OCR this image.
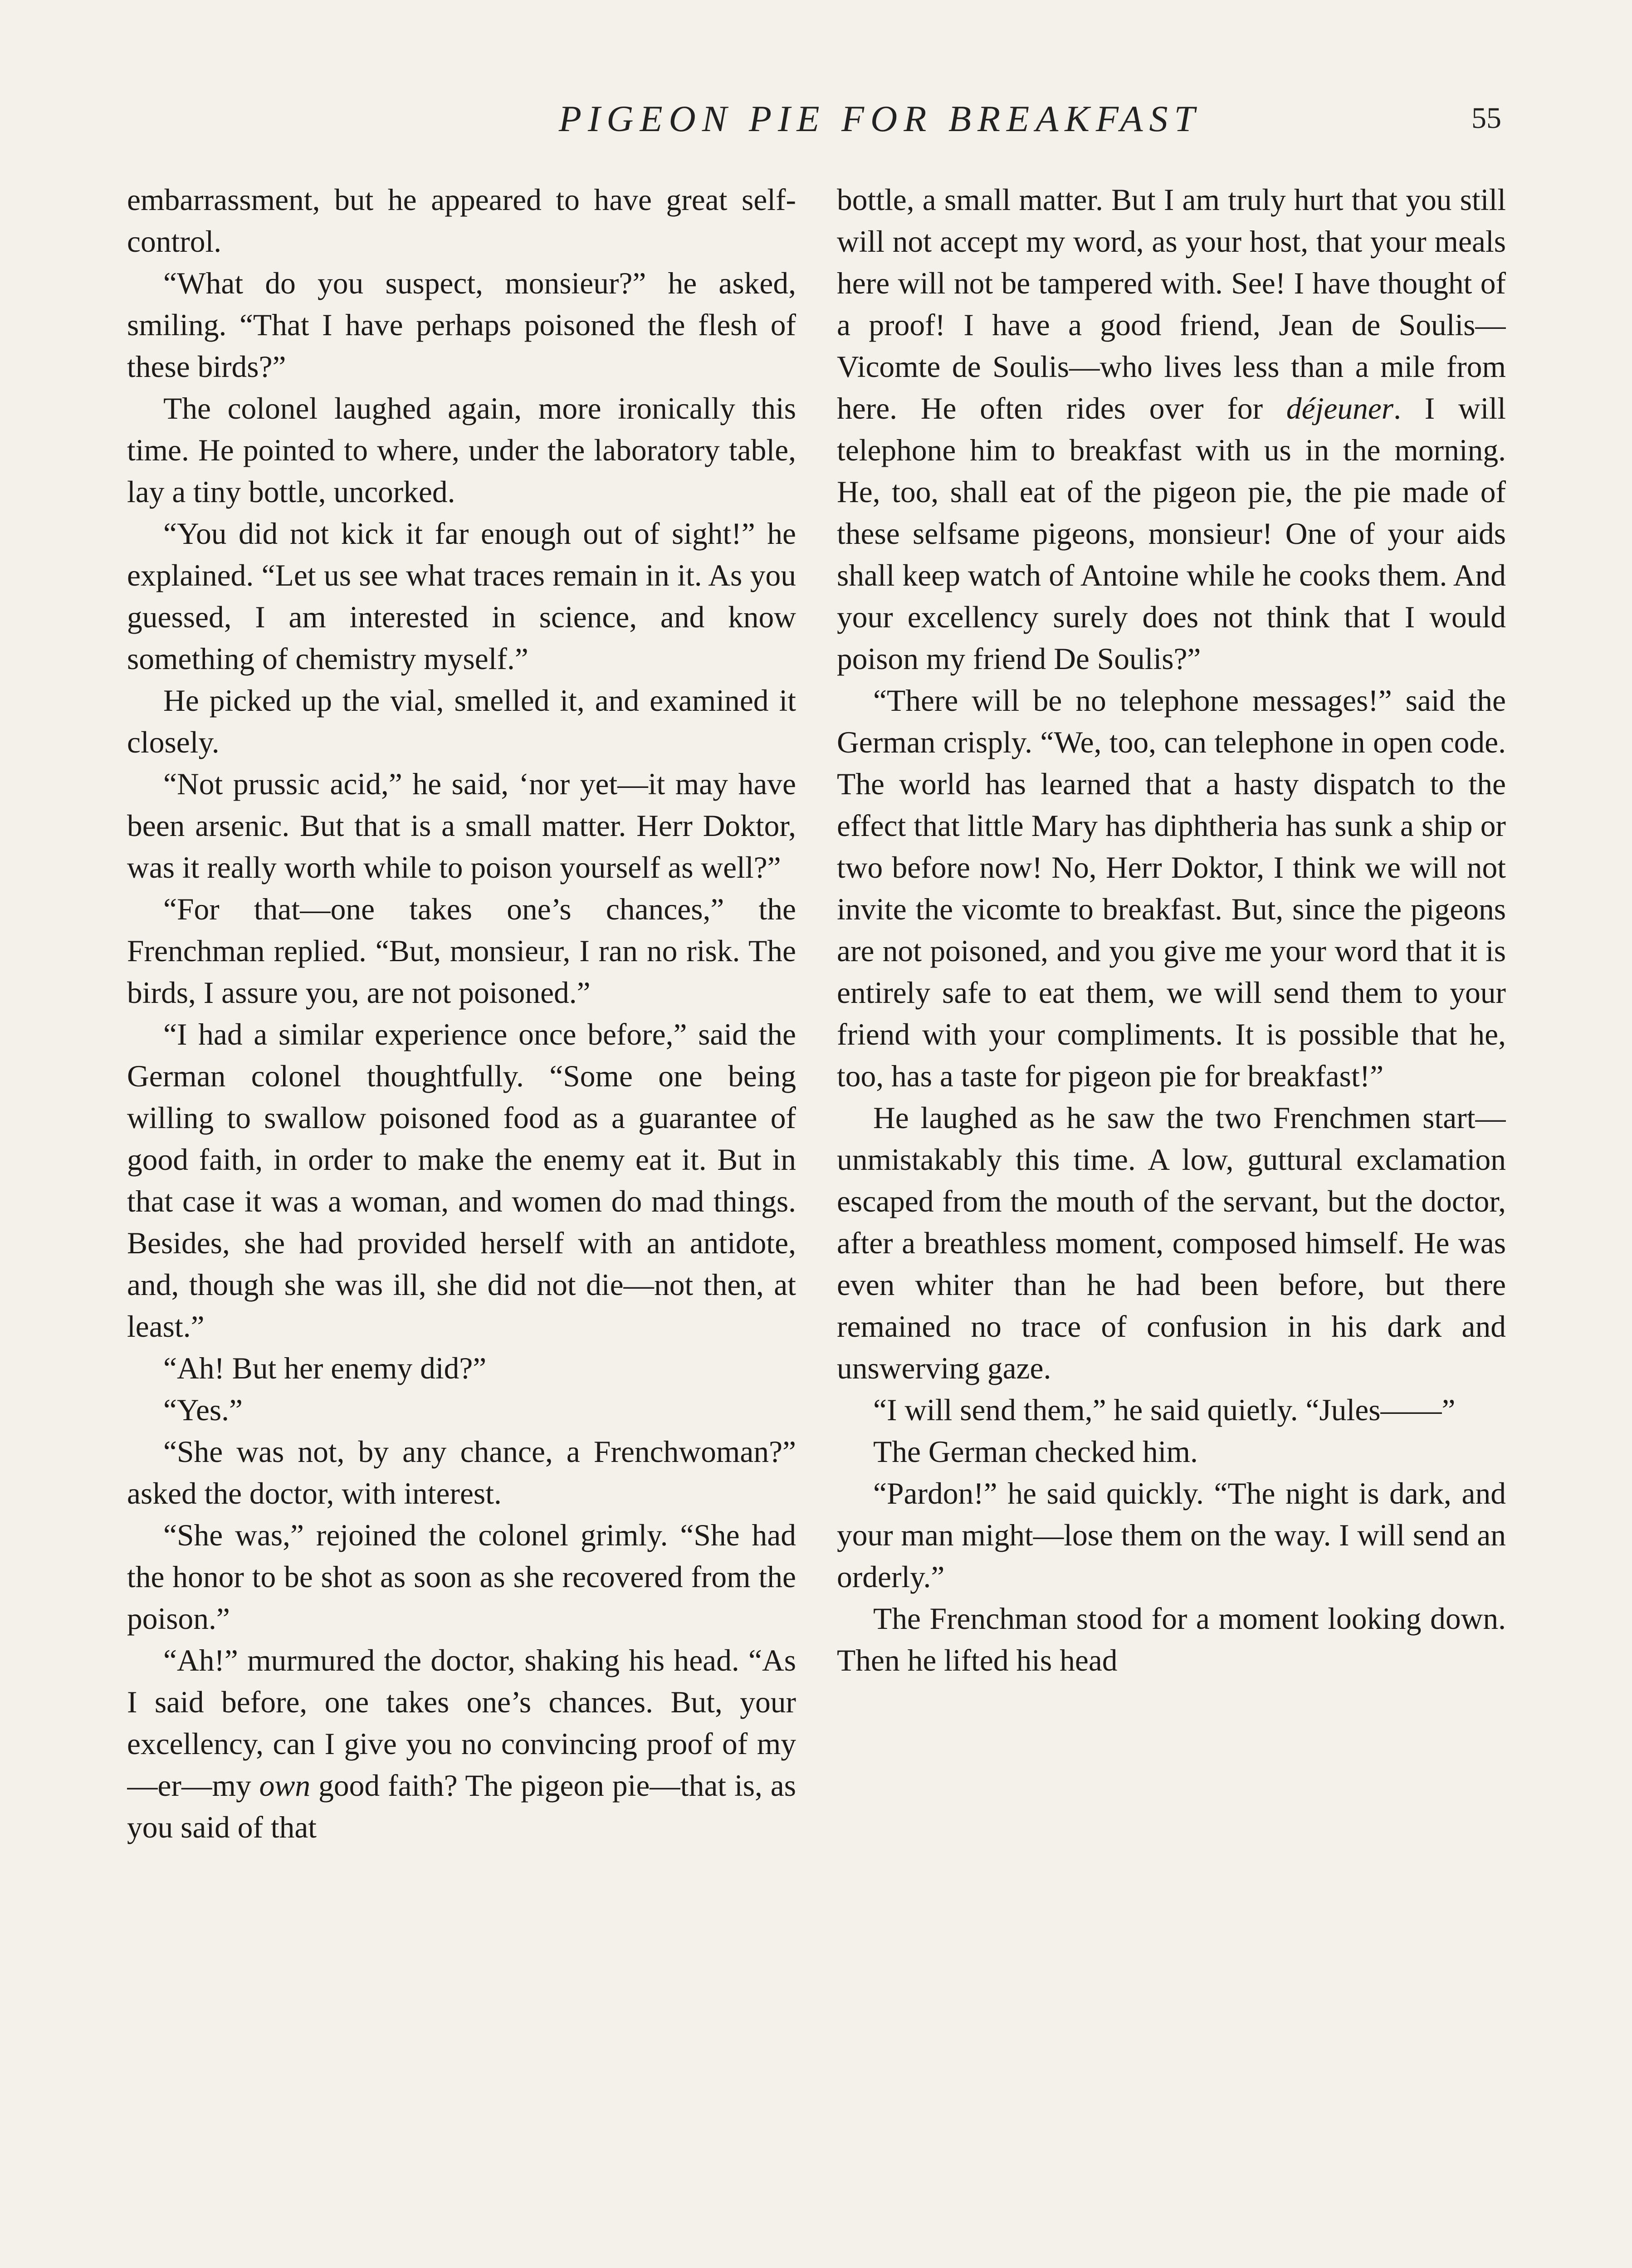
PIGEON PIE FOR BREAKFAST	55

embarrassment, but he appeared to have great self-control.

“What do you suspect, monsieur?” he asked, smiling. “That I have perhaps poisoned the flesh of these birds?”

The colonel laughed again, more ironically this time. He pointed to where, under the laboratory table, lay a tiny bottle, uncorked.

“You did not kick it far enough out of sight!” he explained. “Let us see what traces remain in it. As you guessed, I am interested in science, and know something of chemistry myself.”

He picked up the vial, smelled it, and examined it closely.

“Not prussic acid,” he said, ‘nor yet—it may have been arsenic. But that is a small matter. Herr Doktor, was it really worth while to poison yourself as well?”

“For that—one takes one’s chances,” the Frenchman replied. “But, monsieur, I ran no risk. The birds, I assure you, are not poisoned.”

“I had a similar experience once before,” said the German colonel thoughtfully. “Some one being willing to swallow poisoned food as a guarantee of good faith, in order to make the enemy eat it. But in that case it was a woman, and women do mad things. Besides, she had provided herself with an antidote, and, though she was ill, she did not die—not then, at least.”

“Ah! But her enemy did?”

“Yes.”

“She was not, by any chance, a Frenchwoman?” asked the doctor, with interest.

“She was,” rejoined the colonel grimly. “She had the honor to be shot as soon as she recovered from the poison.”

“Ah!” murmured the doctor, shaking his head. “As I said before, one takes one’s chances. But, your excellency, can I give you no convincing proof of my—er—my own good faith? The pigeon pie—that is, as you said of that

bottle, a small matter. But I am truly hurt that you still will not accept my word, as your host, that your meals here will not be tampered with. See! I have thought of a proof! I have a good friend, Jean de Soulis—Vicomte de Soulis—who lives less than a mile from here. He often rides over for déjeuner. I will telephone him to breakfast with us in the morning. He, too, shall eat of the pigeon pie, the pie made of these selfsame pigeons, monsieur! One of your aids shall keep watch of Antoine while he cooks them. And your excellency surely does not think that I would poison my friend De Soulis?”

“There will be no telephone messages!” said the German crisply. “We, too, can telephone in open code. The world has learned that a hasty dispatch to the effect that little Mary has diphtheria has sunk a ship or two before now! No, Herr Doktor, I think we will not invite the vicomte to breakfast. But, since the pigeons are not poisoned, and you give me your word that it is entirely safe to eat them, we will send them to your friend with your compliments. It is possible that he, too, has a taste for pigeon pie for breakfast!”

He laughed as he saw the two Frenchmen start—unmistakably this time. A low, guttural exclamation escaped from the mouth of the servant, but the doctor, after a breathless moment, composed himself. He was even whiter than he had been before, but there remained no trace of confusion in his dark and unswerving gaze.

“I will send them,” he said quietly. “Jules——”

The German checked him.

“Pardon!” he said quickly. “The night is dark, and your man might—lose them on the way. I will send an orderly.”

The Frenchman stood for a moment looking down. Then he lifted his head
